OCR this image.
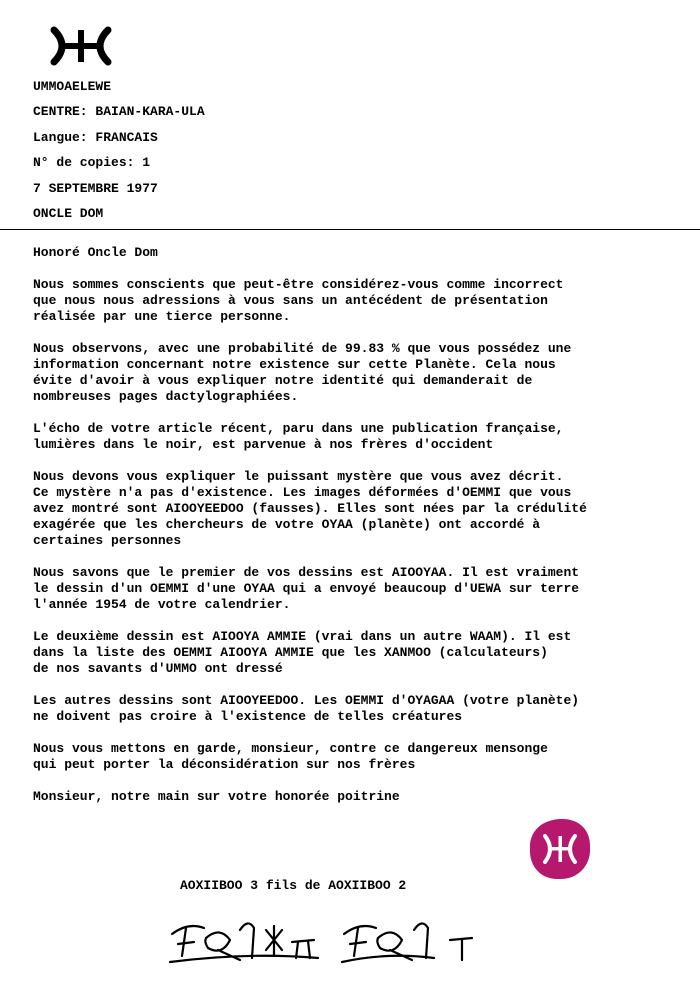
UMMOAELEWE
CENTRE: BAIAN-KARA-ULA
Langue: FRANCAIS
N° de copies: 1
7 SEPTEMBRE 1977
ONCLE DOM

Honoré Oncle Dom

Nous sommes conscients que peut-être considérez-vous comme incorrect
que nous nous adressions à vous sans un antécédent de présentation
réalisée par une tierce personne.

Nous observons, avec une probabilité de 99.83 % que vous possédez une
information concernant notre existence sur cette Planète. Cela nous
évite d'avoir à vous expliquer notre identité qui demanderait de
nombreuses pages dactylographiées.

L'écho de votre article récent, paru dans une publication française,
lumières dans le noir, est parvenue à nos frères d'occident

Nous devons vous expliquer le puissant mystère que vous avez décrit.
Ce mystère n'a pas d'existence. Les images déformées d'OEMMI que vous
avez montré sont AIOOYEEDOO (fausses). Elles sont nées par la crédulité
exagérée que les chercheurs de votre OYAA (planète) ont accordé à
certaines personnes

Nous savons que le premier de vos dessins est AIOOYAA. Il est vraiment
le dessin d'un OEMMI d'une OYAA qui a envoyé beaucoup d'UEWA sur terre
l'année 1954 de votre calendrier.

Le deuxième dessin est AIOOYA AMMIE (vrai dans un autre WAAM). Il est
dans la liste des OEMMI AIOOYA AMMIE que les XANMOO (calculateurs)
de nos savants d'UMMO ont dressé

Les autres dessins sont AIOOYEEDOO. Les OEMMI d'OYAGAA (votre planète)
ne doivent pas croire à l'existence de telles créatures

Nous vous mettons en garde, monsieur, contre ce dangereux mensonge
qui peut porter la déconsidération sur nos frères

Monsieur, notre main sur votre honorée poitrine

AOXIIBOO 3 fils de AOXIIBOO 2
